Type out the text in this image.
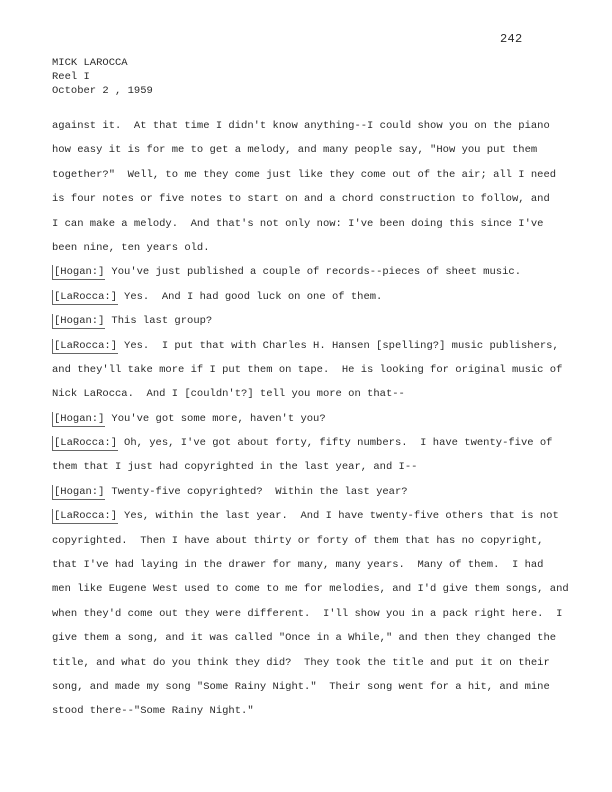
242
MICK LAROCCA
Reel I
October 2 , 1959
against it.  At that time I didn't know anything--I could show you on the piano
how easy it is for me to get a melody, and many people say, "How you put them
together?"  Well, to me they come just like they come out of the air; all I need
is four notes or five notes to start on and a chord construction to follow, and
I can make a melody.  And that's not only now: I've been doing this since I've
been nine, ten years old.
[Hogan:] You've just published a couple of records--pieces of sheet music.
[LaRocca:] Yes.  And I had good luck on one of them.
[Hogan:] This last group?
[LaRocca:] Yes.  I put that with Charles H. Hansen [spelling?] music publishers,
and they'll take more if I put them on tape.  He is looking for original music of
Nick LaRocca.  And I [couldn't?] tell you more on that--
[Hogan:] You've got some more, haven't you?
[LaRocca:] Oh, yes, I've got about forty, fifty numbers.  I have twenty-five of
them that I just had copyrighted in the last year, and I--
[Hogan:] Twenty-five copyrighted?  Within the last year?
[LaRocca:] Yes, within the last year.  And I have twenty-five others that is not
copyrighted.  Then I have about thirty or forty of them that has no copyright,
that I've had laying in the drawer for many, many years.  Many of them.  I had
men like Eugene West used to come to me for melodies, and I'd give them songs, and
when they'd come out they were different.  I'll show you in a pack right here.  I
give them a song, and it was called "Once in a While," and then they changed the
title, and what do you think they did?  They took the title and put it on their
song, and made my song "Some Rainy Night."  Their song went for a hit, and mine
stood there--"Some Rainy Night."
